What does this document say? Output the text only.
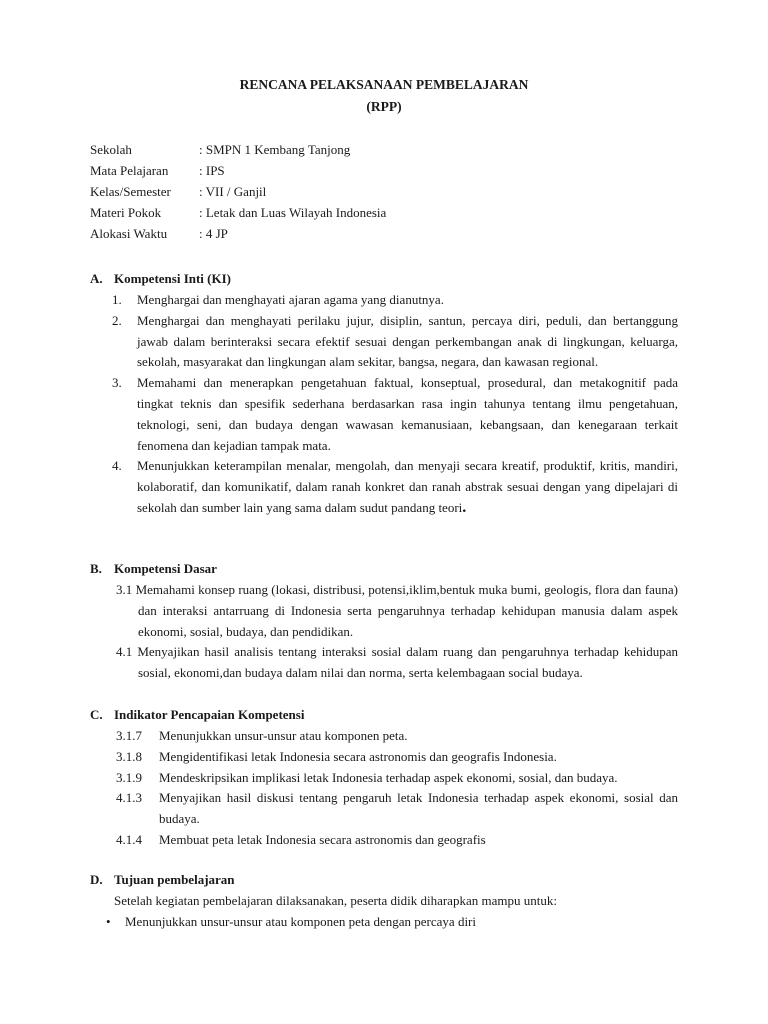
RENCANA PELAKSANAAN PEMBELAJARAN
(RPP)
Sekolah	: SMPN 1 Kembang Tanjong
Mata Pelajaran : IPS
Kelas/Semester : VII / Ganjil
Materi Pokok	: Letak dan Luas Wilayah Indonesia
Alokasi Waktu : 4 JP
A. Kompetensi Inti (KI)
1. Menghargai dan menghayati ajaran agama yang dianutnya.
2. Menghargai dan menghayati perilaku jujur, disiplin, santun, percaya diri, peduli, dan bertanggung jawab dalam berinteraksi secara efektif sesuai dengan perkembangan anak di lingkungan, keluarga, sekolah, masyarakat dan lingkungan alam sekitar, bangsa, negara, dan kawasan regional.
3. Memahami dan menerapkan pengetahuan faktual, konseptual, prosedural, dan metakognitif pada tingkat teknis dan spesifik sederhana berdasarkan rasa ingin tahunya tentang ilmu pengetahuan, teknologi, seni, dan budaya dengan wawasan kemanusiaan, kebangsaan, dan kenegaraan terkait fenomena dan kejadian tampak mata.
4. Menunjukkan keterampilan menalar, mengolah, dan menyaji secara kreatif, produktif, kritis, mandiri, kolaboratif, dan komunikatif, dalam ranah konkret dan ranah abstrak sesuai dengan yang dipelajari di sekolah dan sumber lain yang sama dalam sudut pandang teori.
B. Kompetensi Dasar
3.1 Memahami konsep ruang (lokasi, distribusi, potensi,iklim,bentuk muka bumi, geologis, flora dan fauna) dan interaksi antarruang di Indonesia serta pengaruhnya terhadap kehidupan manusia dalam aspek ekonomi, sosial, budaya, dan pendidikan.
4.1 Menyajikan hasil analisis tentang interaksi sosial dalam ruang dan pengaruhnya terhadap kehidupan sosial, ekonomi,dan budaya dalam nilai dan norma, serta kelembagaan social budaya.
C. Indikator Pencapaian Kompetensi
3.1.7 Menunjukkan unsur-unsur atau komponen peta.
3.1.8 Mengidentifikasi letak Indonesia secara astronomis dan geografis Indonesia.
3.1.9 Mendeskripsikan implikasi letak Indonesia terhadap aspek ekonomi, sosial, dan budaya.
4.1.3 Menyajikan hasil diskusi tentang pengaruh letak Indonesia terhadap aspek ekonomi, sosial dan budaya.
4.1.4 Membuat peta letak Indonesia secara astronomis dan geografis
D. Tujuan pembelajaran
Setelah kegiatan pembelajaran dilaksanakan, peserta didik diharapkan mampu untuk:
• Menunjukkan unsur-unsur atau komponen peta dengan percaya diri
